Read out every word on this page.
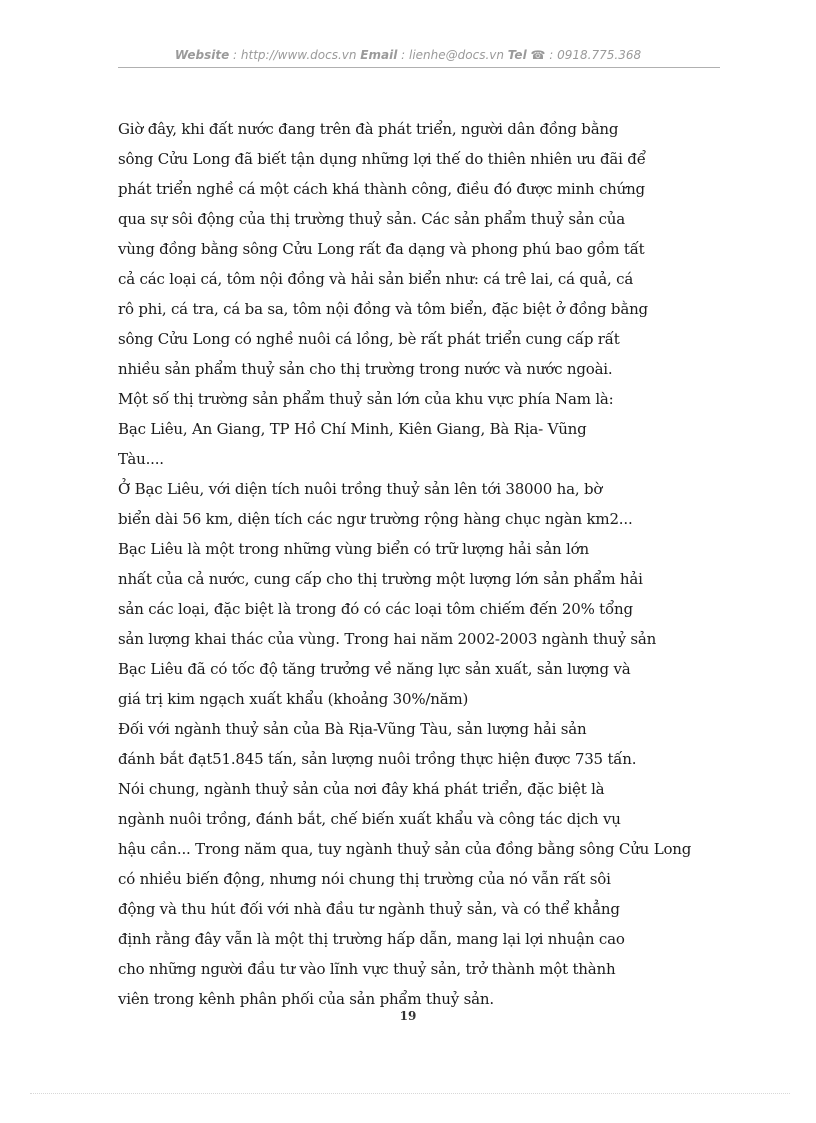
Website : http://www.docs.vn Email : lienhe@docs.vn Tel ☎ : 0918.775.368
Giờ đây, khi đất nước đang trên đà phát triển, người dân đồng bằng
sông Cửu Long đã biết tận dụng những lợi thế do thiên nhiên ưu đãi để
phát triển nghề cá một cách khá thành công, điều đó được minh chứng
qua sự sôi động của thị trường thuỷ sản. Các sản phẩm thuỷ sản của
vùng đồng bằng sông Cửu Long rất đa dạng và phong phú bao gồm tất
cả các loại cá, tôm nội đồng và hải sản biển như: cá trê lai, cá quả, cá
rô phi, cá tra, cá ba sa, tôm nội đồng và tôm biển, đặc biệt ở đồng bằng
sông Cửu Long có nghề nuôi cá lồng, bè rất phát triển cung cấp rất
nhiều sản phẩm thuỷ sản cho thị trường trong nước và nước ngoài.
Một số thị trường sản phẩm thuỷ sản lớn của khu vực phía Nam là:
Bạc Liêu, An Giang, TP Hồ Chí Minh, Kiên Giang, Bà Rịa- Vũng
Tàu....
Ở Bạc Liêu, với diện tích nuôi trồng thuỷ sản lên tới 38000 ha, bờ
biển dài 56 km, diện tích các ngư trường rộng hàng chục ngàn km2...
Bạc Liêu là một trong những vùng biển có trữ lượng hải sản lớn
nhất của cả nước, cung cấp cho thị trường một lượng lớn sản phẩm hải
sản các loại, đặc biệt là trong đó có các loại tôm chiếm đến 20% tổng
sản lượng khai thác của vùng. Trong hai năm 2002-2003 ngành thuỷ sản
Bạc Liêu đã có tốc độ tăng trưởng về năng lực sản xuất, sản lượng và
giá trị kim ngạch xuất khẩu (khoảng 30%/năm)
Đối với ngành thuỷ sản của Bà Rịa-Vũng Tàu, sản lượng hải sản
đánh bắt đạt51.845 tấn, sản lượng nuôi trồng thực hiện được 735 tấn.
Nói chung, ngành thuỷ sản của nơi đây khá phát triển, đặc biệt là
ngành nuôi trồng, đánh bắt, chế biến xuất khẩu và công tác dịch vụ
hậu cần... Trong năm qua, tuy ngành thuỷ sản của đồng bằng sông Cửu Long
có nhiều biến động, nhưng nói chung thị trường của nó vẫn rất sôi
động và thu hút đối với nhà đầu tư ngành thuỷ sản, và có thể khẳng
định rằng đây vẫn là một thị trường hấp dẫn, mang lại lợi nhuận cao
cho những người đầu tư vào lĩnh vực thuỷ sản, trở thành một thành
viên trong kênh phân phối của sản phẩm thuỷ sản.
19
